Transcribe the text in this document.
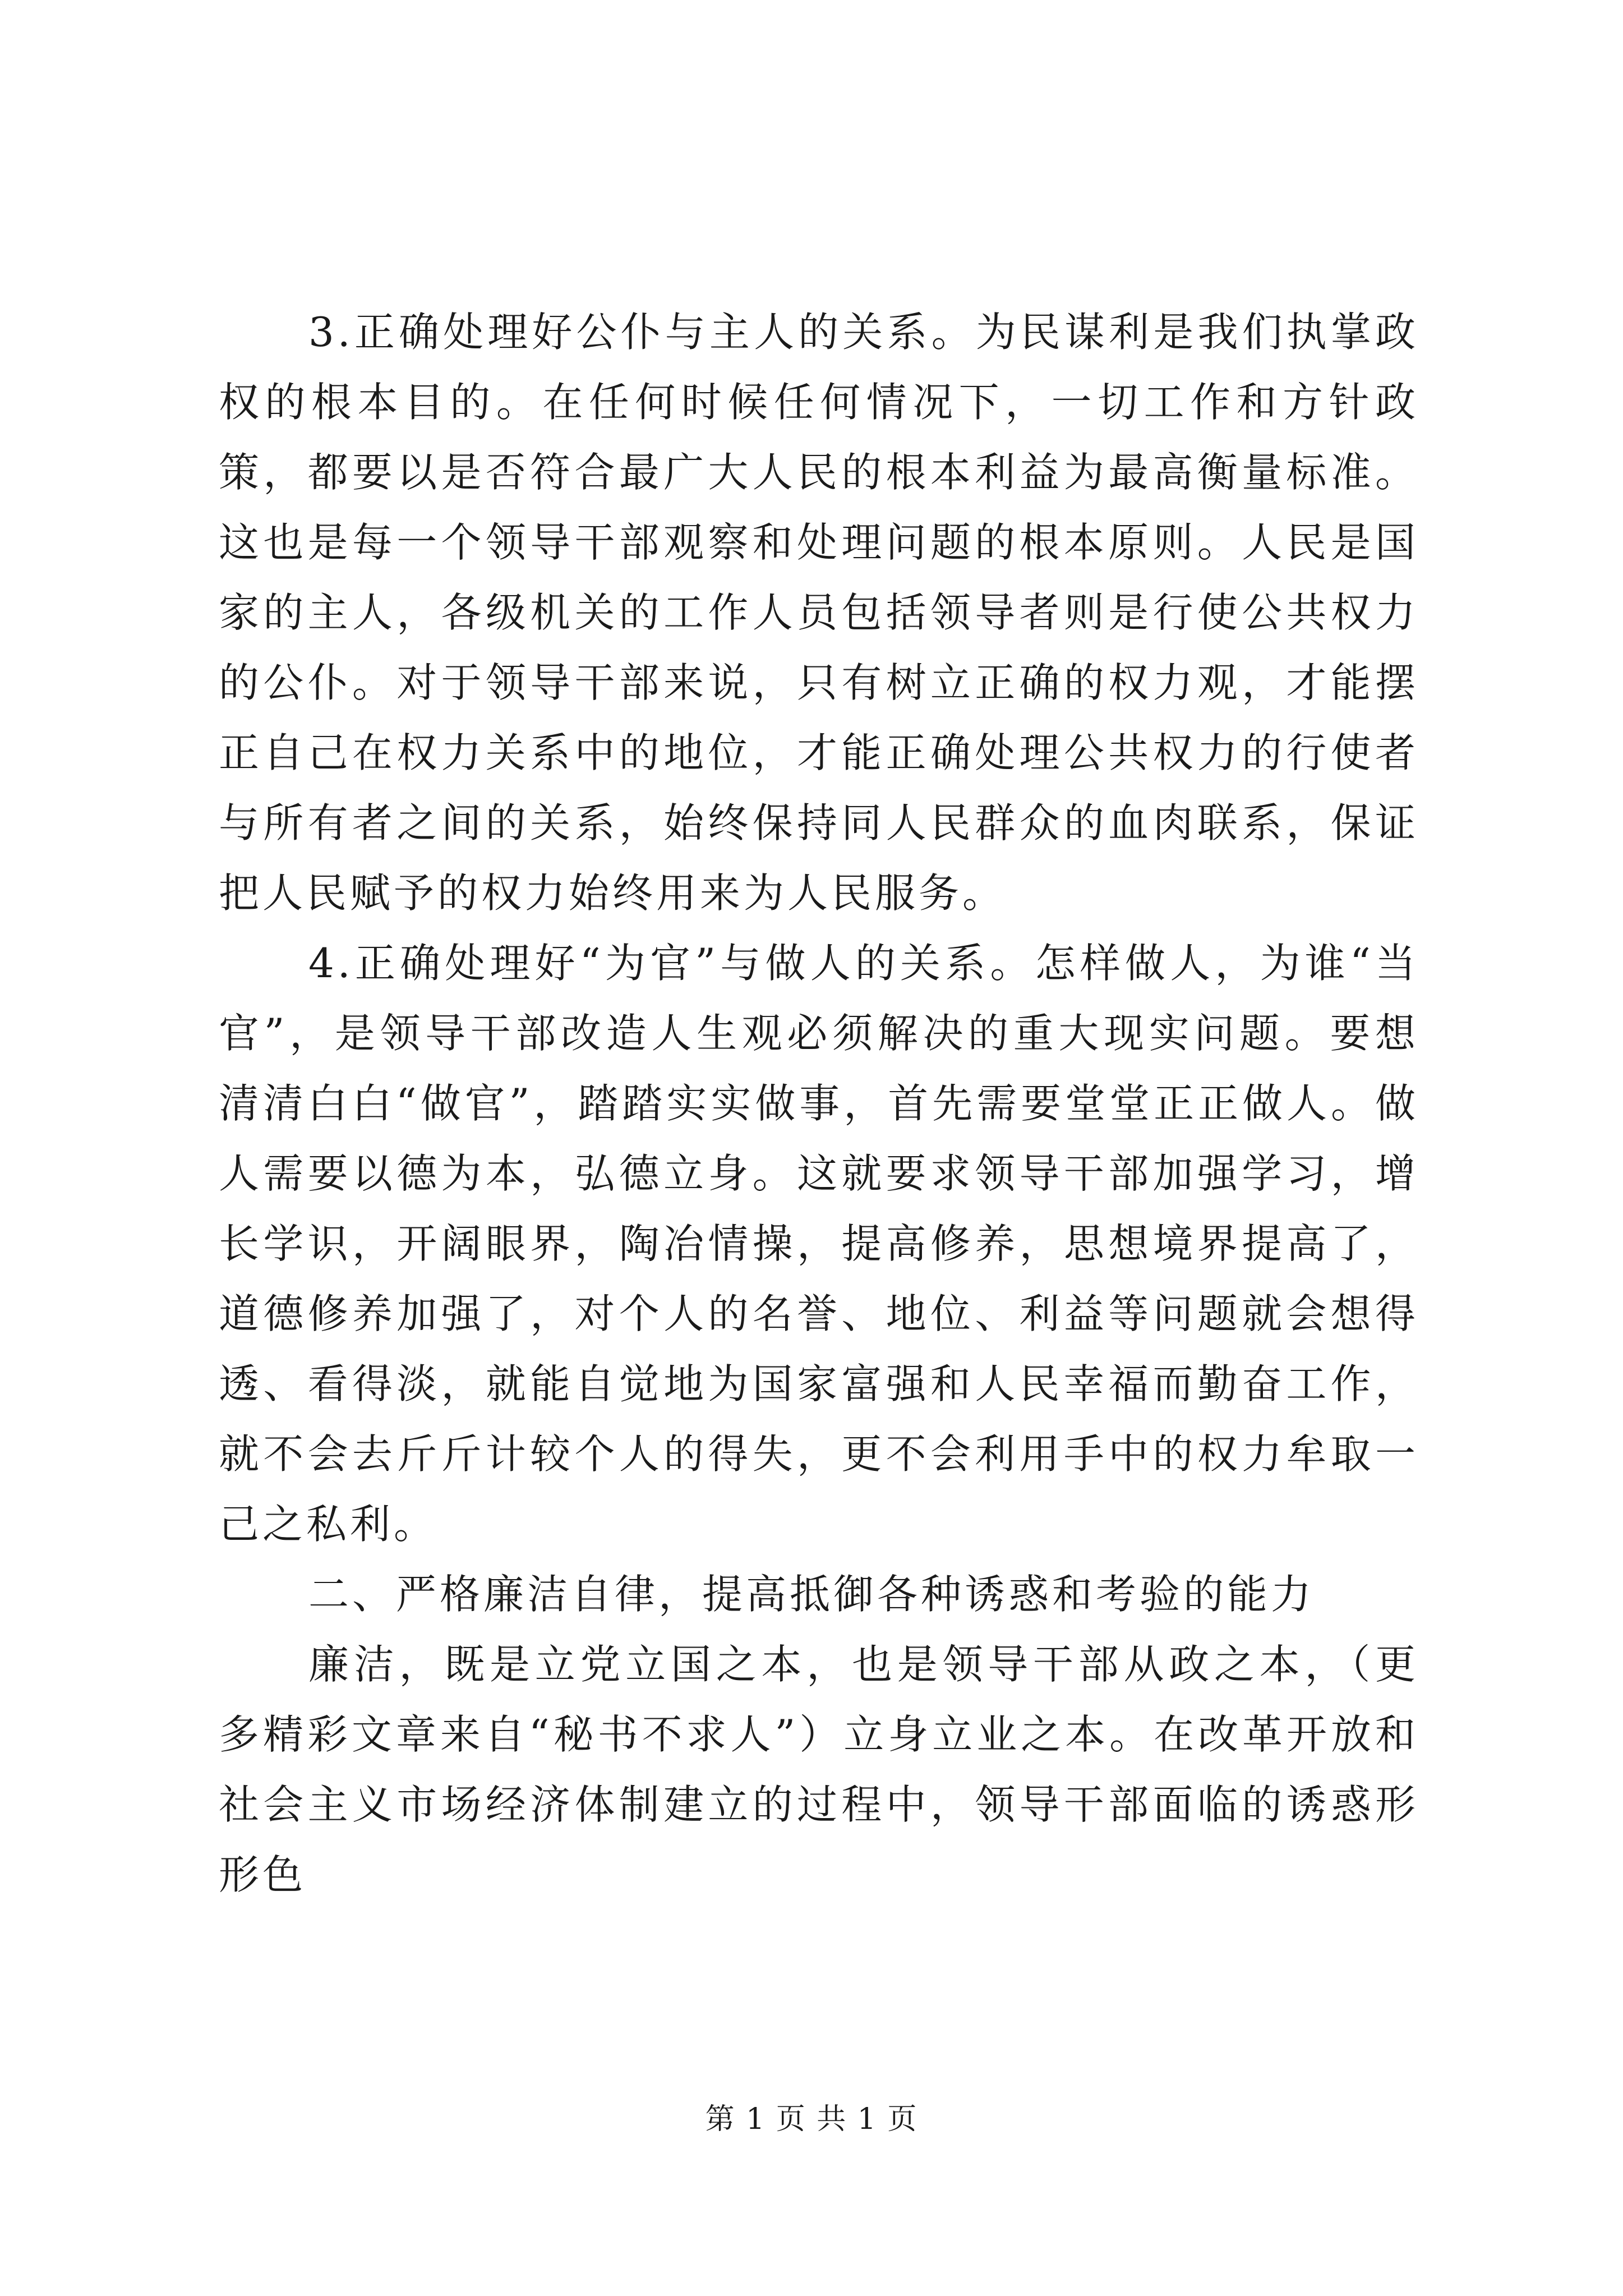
3.正确处理好公仆与主人的关系。为民谋利是我们执掌政权的根本目的。在任何时候任何情况下，一切工作和方针政策，都要以是否符合最广大人民的根本利益为最高衡量标准。这也是每一个领导干部观察和处理问题的根本原则。人民是国家的主人，各级机关的工作人员包括领导者则是行使公共权力的公仆。对于领导干部来说，只有树立正确的权力观，才能摆正自己在权力关系中的地位，才能正确处理公共权力的行使者与所有者之间的关系，始终保持同人民群众的血肉联系，保证把人民赋予的权力始终用来为人民服务。

4.正确处理好“为官”与做人的关系。怎样做人，为谁“当官”，是领导干部改造人生观必须解决的重大现实问题。要想清清白白“做官”，踏踏实实做事，首先需要堂堂正正做人。做人需要以德为本，弘德立身。这就要求领导干部加强学习，增长学识，开阔眼界，陶冶情操，提高修养，思想境界提高了，道德修养加强了，对个人的名誉、地位、利益等问题就会想得透、看得淡，就能自觉地为国家富强和人民幸福而勤奋工作，就不会去斤斤计较个人的得失，更不会利用手中的权力牟取一己之私利。

二、严格廉洁自律，提高抵御各种诱惑和考验的能力

廉洁，既是立党立国之本，也是领导干部从政之本，（更多精彩文章来自“秘书不求人”）立身立业之本。在改革开放和社会主义市场经济体制建立的过程中，领导干部面临的诱惑形形色

第 1 页 共 1 页
